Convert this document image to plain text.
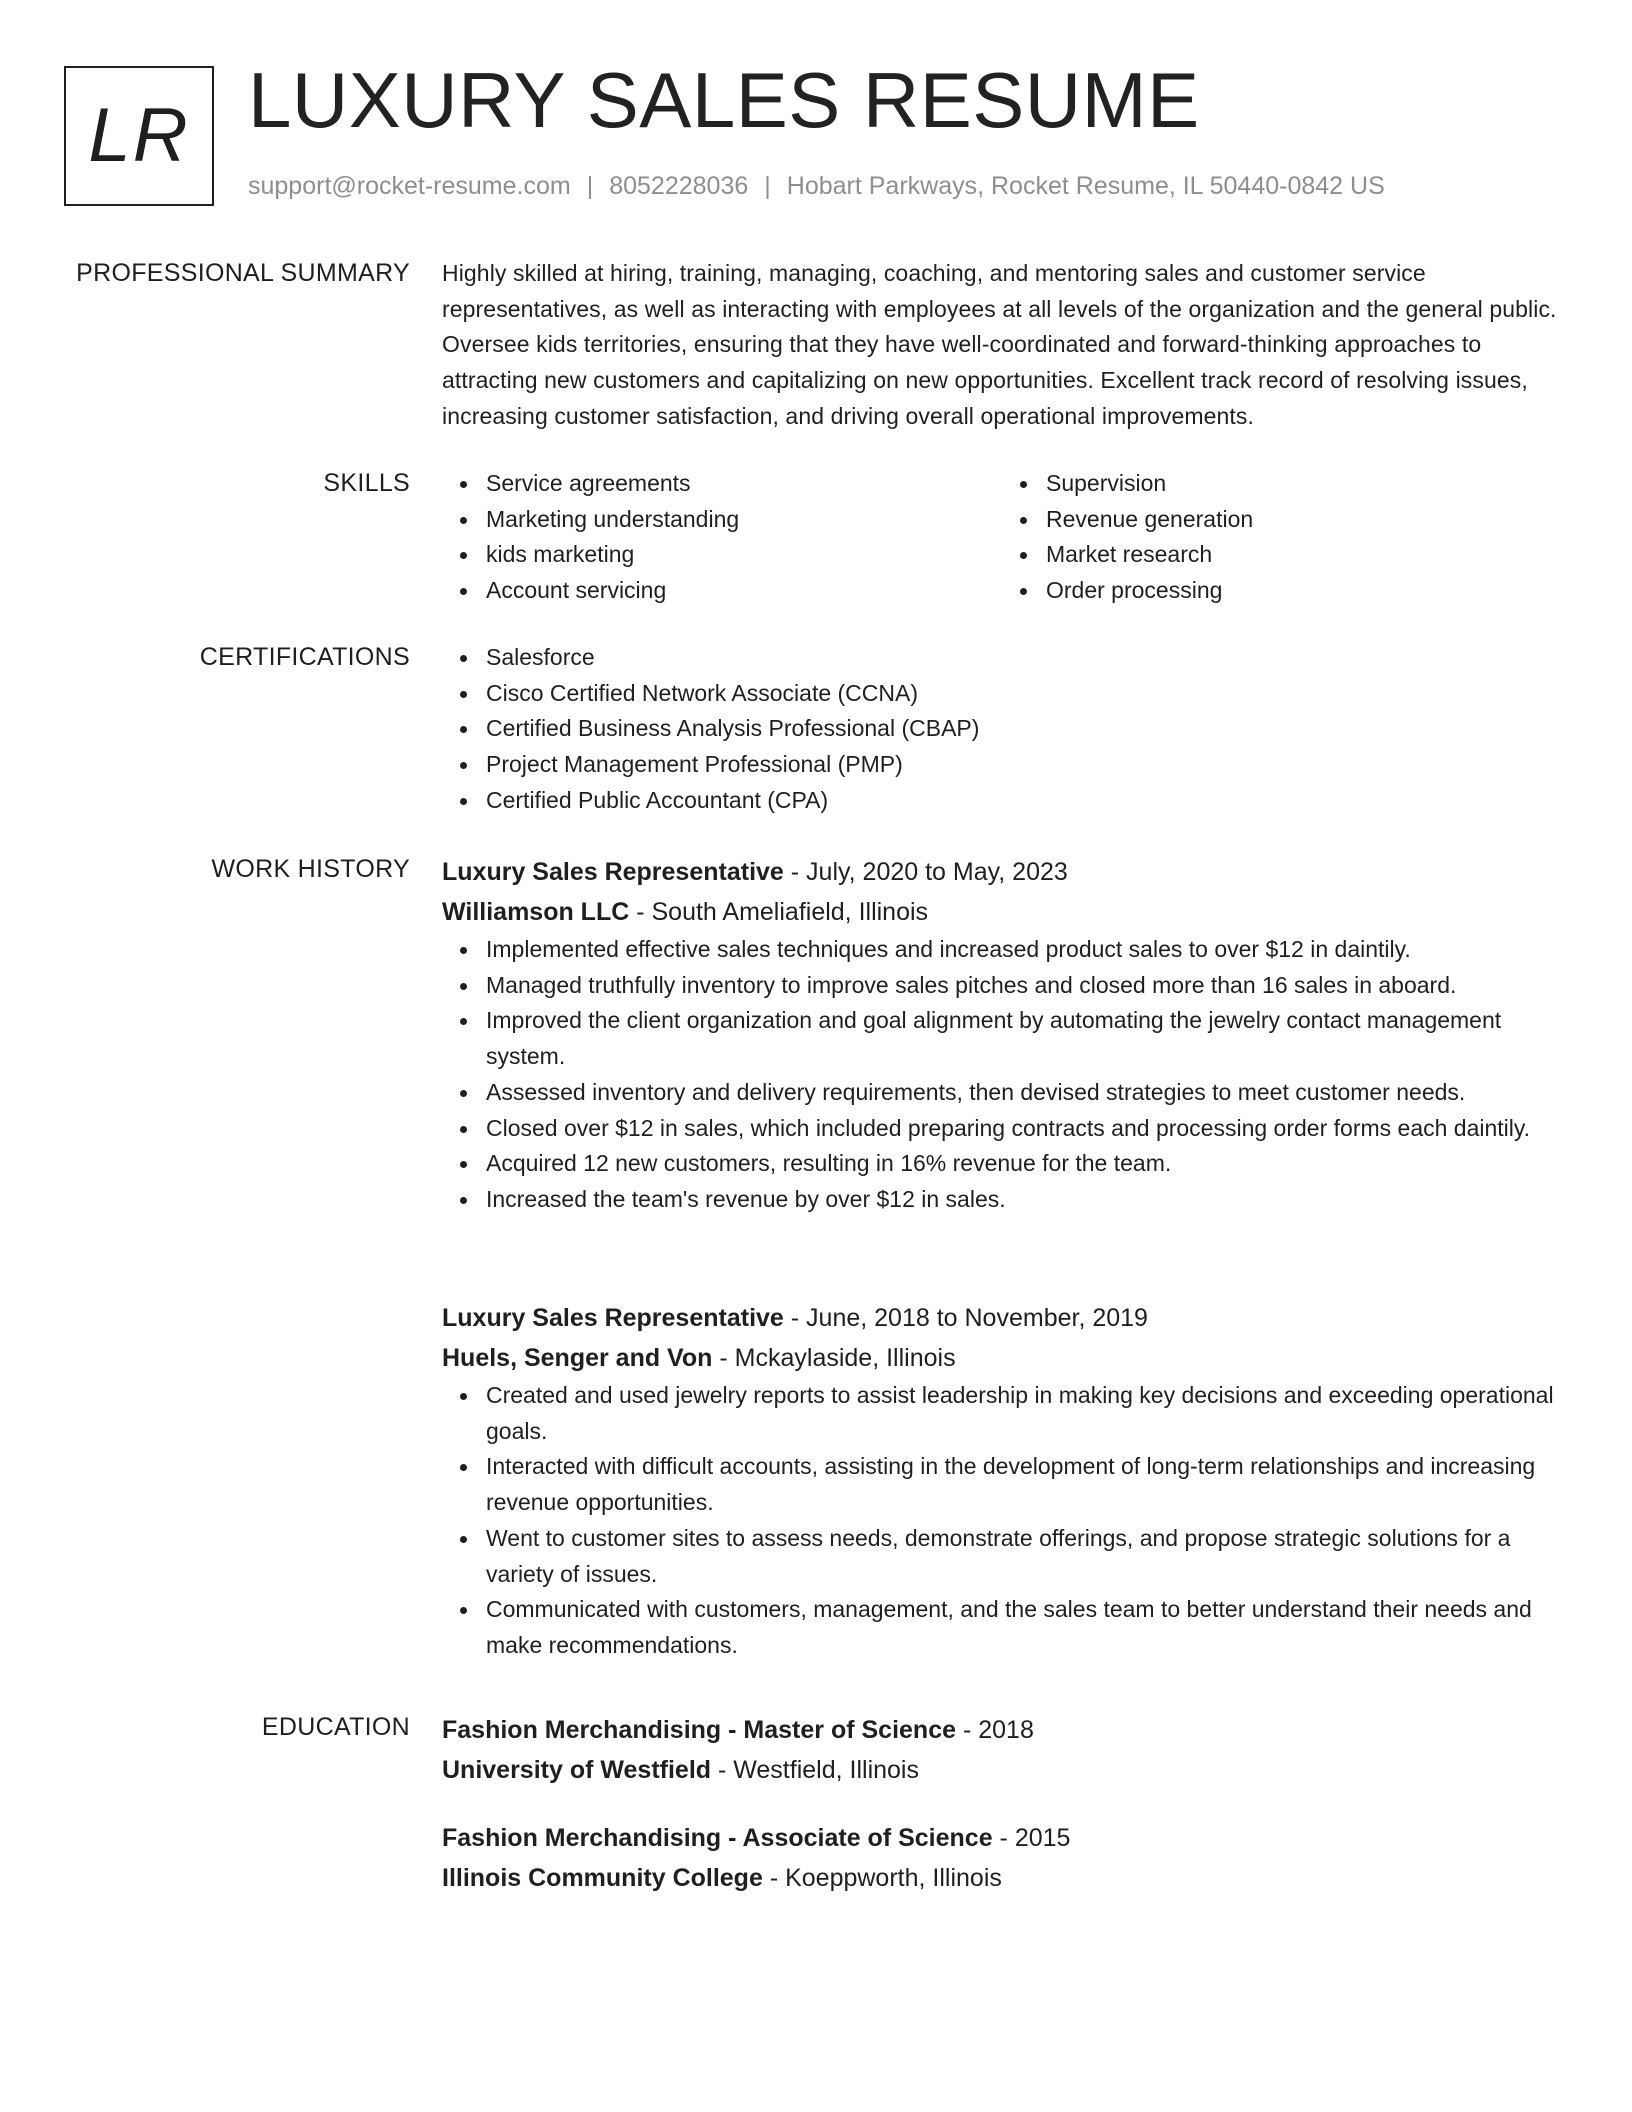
LR LUXURY SALES RESUME
support@rocket-resume.com | 8052228036 | Hobart Parkways, Rocket Resume, IL 50440-0842 US
PROFESSIONAL SUMMARY Highly skilled at hiring, training, managing, coaching, and mentoring sales and customer service representatives, as well as interacting with employees at all levels of the organization and the general public. Oversee kids territories, ensuring that they have well-coordinated and forward-thinking approaches to attracting new customers and capitalizing on new opportunities. Excellent track record of resolving issues, increasing customer satisfaction, and driving overall operational improvements.

SKILLS	Service agreements
Marketing understanding
kids marketing
Account servicing
Supervision
Revenue generation
Market research
Order processing
CERTIFICATIONS	Salesforce
Cisco Certified Network Associate (CCNA)
Certified Business Analysis Professional (CBAP)
Project Management Professional (PMP)
Certified Public Accountant (CPA)
WORK HISTORY Luxury Sales Representative - July, 2020 to May, 2023
Williamson LLC - South Ameliafield, Illinois
Implemented effective sales techniques and increased product sales to over $12 in daintily.
Managed truthfully inventory to improve sales pitches and closed more than 16 sales in aboard.
Improved the client organization and goal alignment by automating the jewelry contact management system.
Assessed inventory and delivery requirements, then devised strategies to meet customer needs.
Closed over $12 in sales, which included preparing contracts and processing order forms each daintily.
Acquired 12 new customers, resulting in 16% revenue for the team.
Increased the team's revenue by over $12 in sales.
Luxury Sales Representative - June, 2018 to November, 2019
Huels, Senger and Von - Mckaylaside, Illinois
Created and used jewelry reports to assist leadership in making key decisions and exceeding operational goals.
Interacted with difficult accounts, assisting in the development of long-term relationships and increasing revenue opportunities.
Went to customer sites to assess needs, demonstrate offerings, and propose strategic solutions for a variety of issues.
Communicated with customers, management, and the sales team to better understand their needs and make recommendations.
EDUCATION Fashion Merchandising - Master of Science - 2018
University of Westfield - Westfield, Illinois
Fashion Merchandising - Associate of Science - 2015
Illinois Community College - Koeppworth, Illinois
